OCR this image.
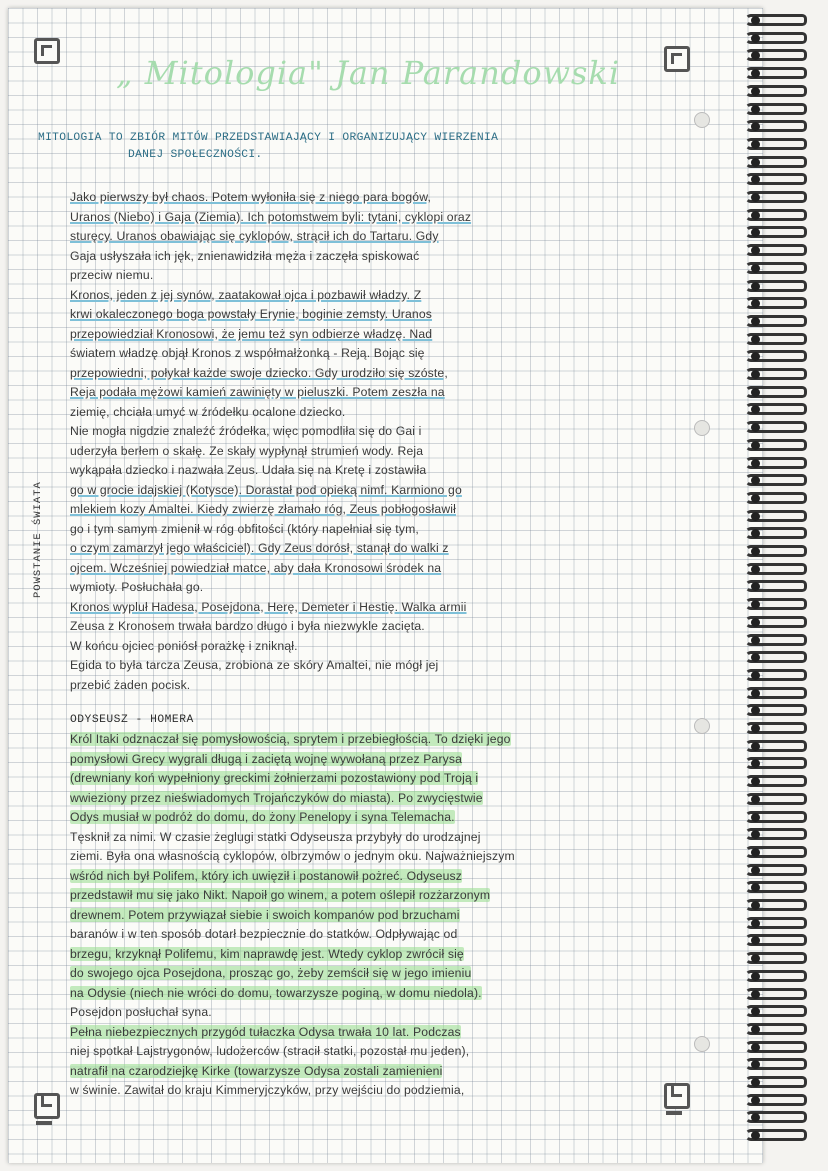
„ Mitologia" Jan Parandowski
MITOLOGIA TO ZBIÓR MITÓW PRZEDSTAWIAJĄCY I ORGANIZUJĄCY WIERZENIA
DANEJ SPOŁECZNOŚCI.
POWSTANIE ŚWIATA
Jako pierwszy był chaos. Potem wyłoniła się z niego para bogów,
Uranos (Niebo) i Gaja (Ziemia). Ich potomstwem byli: tytani, cyklopi oraz
sturęcy. Uranos obawiając się cyklopów, strącił ich do Tartaru. Gdy
Gaja usłyszała ich jęk, znienawidziła męża i zaczęła spiskować
przeciw niemu.
Kronos, jeden z jej synów, zaatakował ojca i pozbawił władzy. Z
krwi okaleczonego boga powstały Erynie, boginie zemsty. Uranos
przepowiedział Kronosowi, że jemu też syn odbierze władzę. Nad
światem władzę objął Kronos z współmałżonką - Reją. Bojąc się
przepowiedni, połykał każde swoje dziecko. Gdy urodziło się szóste,
Reja podała mężowi kamień zawinięty w pieluszki. Potem zeszła na
ziemię, chciała umyć w źródełku ocalone dziecko.
Nie mogła nigdzie znaleźć źródełka, więc pomodliła się do Gai i
uderzyła berłem o skałę. Ze skały wypłynął strumień wody. Reja
wykąpała dziecko i nazwała Zeus. Udała się na Kretę i zostawiła
go w grocie idajskiej (Kotysce). Dorastał pod opieką nimf. Karmiono go
mlekiem kozy Amaltei. Kiedy zwierzę złamało róg, Zeus pobłogosławił
go i tym samym zmienił w róg obfitości (który napełniał się tym,
o czym zamarzył jego właściciel). Gdy Zeus dorósł, stanął do walki z
ojcem. Wcześniej powiedział matce, aby dała Kronosowi środek na
wymioty. Posłuchała go.
Kronos wypluł Hadesa, Posejdona, Herę, Demeter i Hestię. Walka armii
Zeusa z Kronosem trwała bardzo długo i była niezwykle zacięta.
W końcu ojciec poniósł porażkę i zniknął.
Egida to była tarcza Zeusa, zrobiona ze skóry Amaltei, nie mógł jej
przebić żaden pocisk.
ODYSEUSZ - HOMERA
Król Itaki odznaczał się pomysłowością, sprytem i przebiegłością. To dzięki jego
pomysłowi Grecy wygrali długą i zaciętą wojnę wywołaną przez Parysa
(drewniany koń wypełniony greckimi żołnierzami pozostawiony pod Troją i
wwieziony przez nieświadomych Trojańczyków do miasta). Po zwycięstwie
Odys musiał w podróż do domu, do żony Penelopy i syna Telemacha.
Tęsknił za nimi. W czasie żeglugi statki Odyseusza przybyły do urodzajnej
ziemi. Była ona własnością cyklopów, olbrzymów o jednym oku. Najważniejszym
wśród nich był Polifem, który ich uwięził i postanowił pożreć. Odyseusz
przedstawił mu się jako Nikt. Napoił go winem, a potem oślepił rozżarzonym
drewnem. Potem przywiązał siebie i swoich kompanów pod brzuchami
baranów i w ten sposób dotarł bezpiecznie do statków. Odpływając od
brzegu, krzyknął Polifemu, kim naprawdę jest. Wtedy cyklop zwrócił się
do swojego ojca Posejdona, prosząc go, żeby zemścił się w jego imieniu
na Odysie (niech nie wróci do domu, towarzysze poginą, w domu niedola).
Posejdon posłuchał syna.
Pełna niebezpiecznych przygód tułaczka Odysa trwała 10 lat. Podczas
niej spotkał Lajstrygonów, ludożerców (stracił statki, pozostał mu jeden),
natrafił na czarodziejkę Kirke (towarzysze Odysa zostali zamienieni
w świnie. Zawitał do kraju Kimmeryjczyków, przy wejściu do podziemia,
